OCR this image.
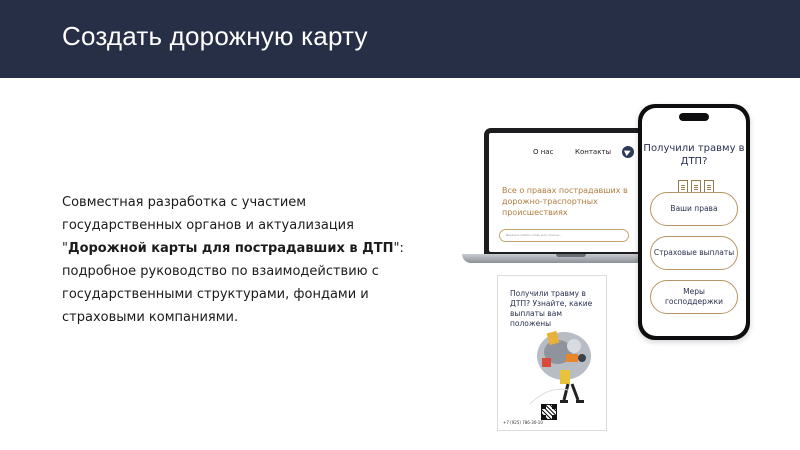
Создать дорожную карту

Совместная разработка с участием государственных органов и актуализация "Дорожной карты для пострадавших в ДТП": подробное руководство по взаимодействию с государственными структурами, фондами и страховыми компаниями.

О нас	Контакты
Все о правах пострадавших в дорожно-траспортных происшествиях
Введите любое слово для поиска...
Получили травму в ДТП?
Ваши права
Страховые выплаты
Меры господдержки
Получили травму в ДТП? Узнайте, какие выплаты вам положены
+7 (925) 786-30-10
